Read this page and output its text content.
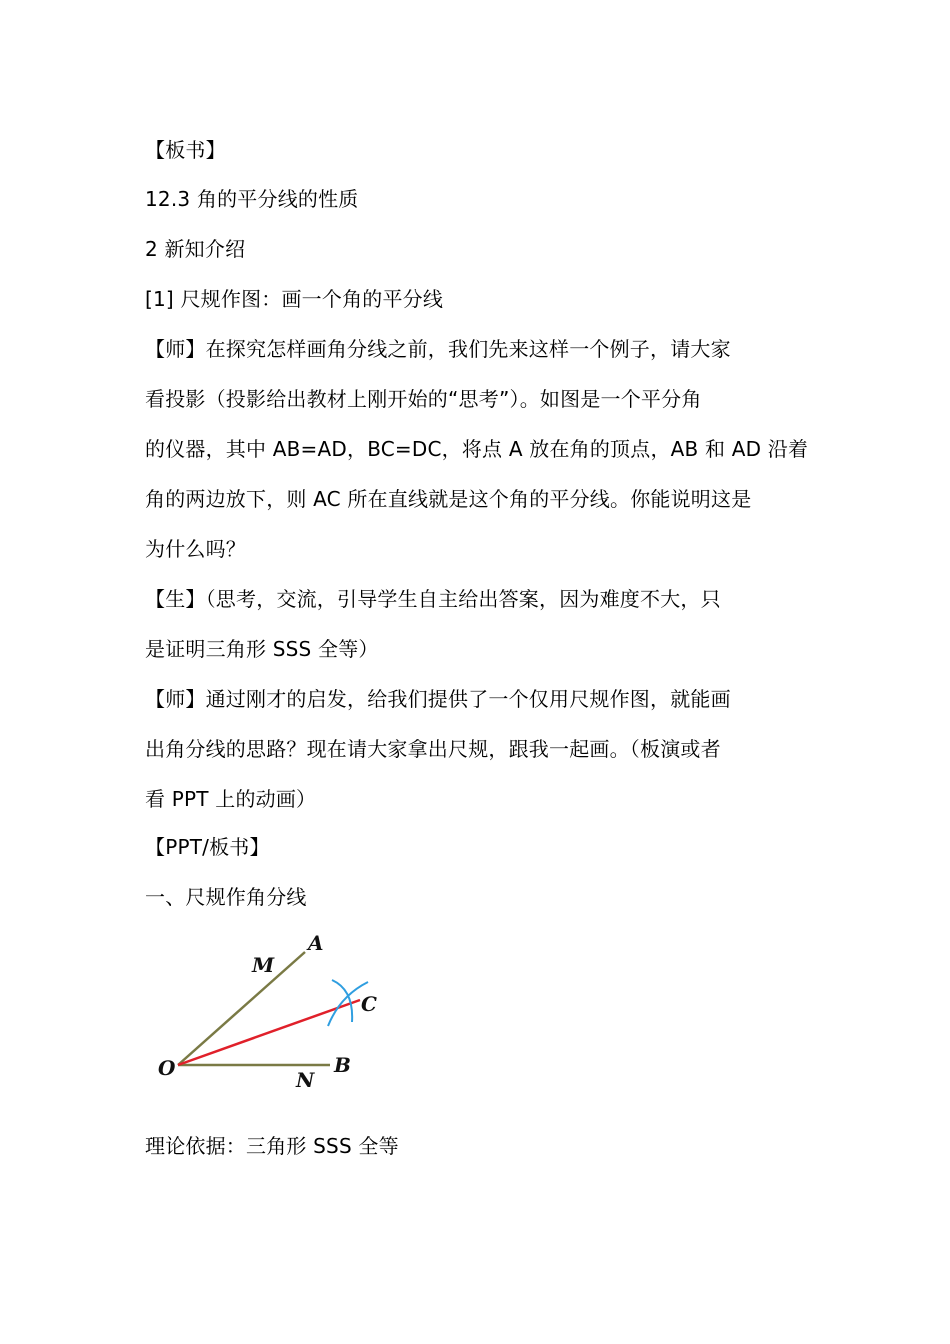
【板书】
12.3 角的平分线的性质
2 新知介绍
[1] 尺规作图：画一个角的平分线
【师】在探究怎样画角分线之前，我们先来这样一个例子，请大家
看投影（投影给出教材上刚开始的“思考”）。如图是一个平分角
的仪器，其中 AB=AD，BC=DC，将点 A 放在角的顶点，AB 和 AD 沿着
角的两边放下，则 AC 所在直线就是这个角的平分线。你能说明这是
为什么吗？
【生】（思考，交流，引导学生自主给出答案，因为难度不大，只
是证明三角形 SSS 全等）
【师】通过刚才的启发，给我们提供了一个仅用尺规作图，就能画
出角分线的思路？现在请大家拿出尺规，跟我一起画。（板演或者
看 PPT 上的动画）
【PPT/板书】
一、尺规作角分线
A
M
C
O	N
B
理论依据：三角形 SSS 全等
